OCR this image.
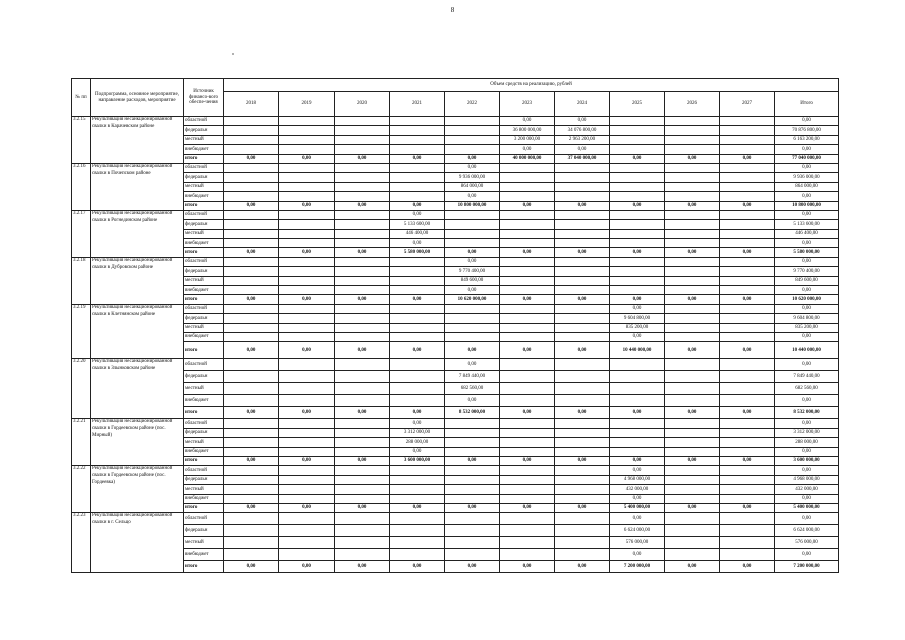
8
№ пп	Подпрограмма, основное мероприятие, направление расходов, мероприятие	Источник финансо-вого обеспе-чения	Объем средств на реализацию, рублей										
			2018	2019	2020	2021	2022	2023	2024	2025	2026	2027	Итого
3.2.15	Рекультивация несанкционированной свалки в Карачевском районе	областной						0,00	0,00				0,00
		федеральн						36 800 000,00	34 076 800,00				70 876 800,00
		местный						3 200 000,00	2 963 200,00				6 163 200,00
		внебюджет						0,00	0,00				0,00
		итого	0,00	0,00	0,00	0,00	0,00	40 000 000,00	37 040 000,00	0,00	0,00	0,00	77 040 000,00
3.2.16	Рекультивация несанкционированной свалки в Почепском районе	областной					0,00						0,00
		федеральн					9 936 000,00						9 936 000,00
		местный					864 000,00						864 000,00
		внебюджет					0,00						0,00
		итого	0,00	0,00	0,00	0,00	10 800 000,00	0,00	0,00	0,00	0,00	0,00	10 800 000,00
3.2.17	Рекультивация несанкционированной свалки в Рогнединском районе	областной				0,00							0,00
		федеральн				5 133 600,00							5 133 600,00
		местный				446 400,00							446 400,00
		внебюджет				0,00							0,00
		итого	0,00	0,00	0,00	5 580 000,00	0,00	0,00	0,00	0,00	0,00	0,00	5 580 000,00
3.2.18	Рекультивация несанкционированной свалки в Дубровском районе	областной					0,00						0,00
		федеральн					9 770 400,00						9 770 400,00
		местный					849 600,00						849 600,00
		внебюджет					0,00						0,00
		итого	0,00	0,00	0,00	0,00	10 620 000,00	0,00	0,00	0,00	0,00	0,00	10 620 000,00
3.2.19	Рекультивация несанкционированной свалки в Клетнянском районе	областной								0,00			0,00
		федеральн								9 604 800,00			9 604 800,00
		местный								835 200,00			835 200,00
		внебюджет								0,00			0,00
		итого	0,00	0,00	0,00	0,00	0,00	0,00	0,00	10 440 000,00	0,00	0,00	10 440 000,00
3.2.20	Рекультивация несанкционированной свалки в Злынковском районе	областной					0,00						0,00
		федеральн					7 849 440,00						7 849 440,00
		местный					682 560,00						682 560,00
		внебюджет					0,00						0,00
		итого	0,00	0,00	0,00	0,00	8 532 000,00	0,00	0,00	0,00	0,00	0,00	8 532 000,00
3.2.21	Рекультивация несанкционированной свалки в Гордеевском районе (пос. Мирный)	областной				0,00							0,00
		федеральн				3 312 000,00							3 312 000,00
		местный				288 000,00							288 000,00
		внебюджет				0,00							0,00
		итого	0,00	0,00	0,00	3 600 000,00	0,00	0,00	0,00	0,00	0,00	0,00	3 600 000,00
3.2.22	Рекультивация несанкционированной свалки в Гордеевском районе (пос. Гордеевка)	областной								0,00			0,00
		федеральн								4 968 000,00			4 968 000,00
		местный								432 000,00			432 000,00
		внебюджет								0,00			0,00
		итого	0,00	0,00	0,00	0,00	0,00	0,00	0,00	5 400 000,00	0,00	0,00	5 400 000,00
3.2.23	Рекультивация несанкционированной свалки в г. Сельцо	областной								0,00			0,00
		федеральн								6 624 000,00			6 624 000,00
		местный								576 000,00			576 000,00
		внебюджет								0,00			0,00
		итого	0,00	0,00	0,00	0,00	0,00	0,00	0,00	7 200 000,00	0,00	0,00	7 200 000,00
